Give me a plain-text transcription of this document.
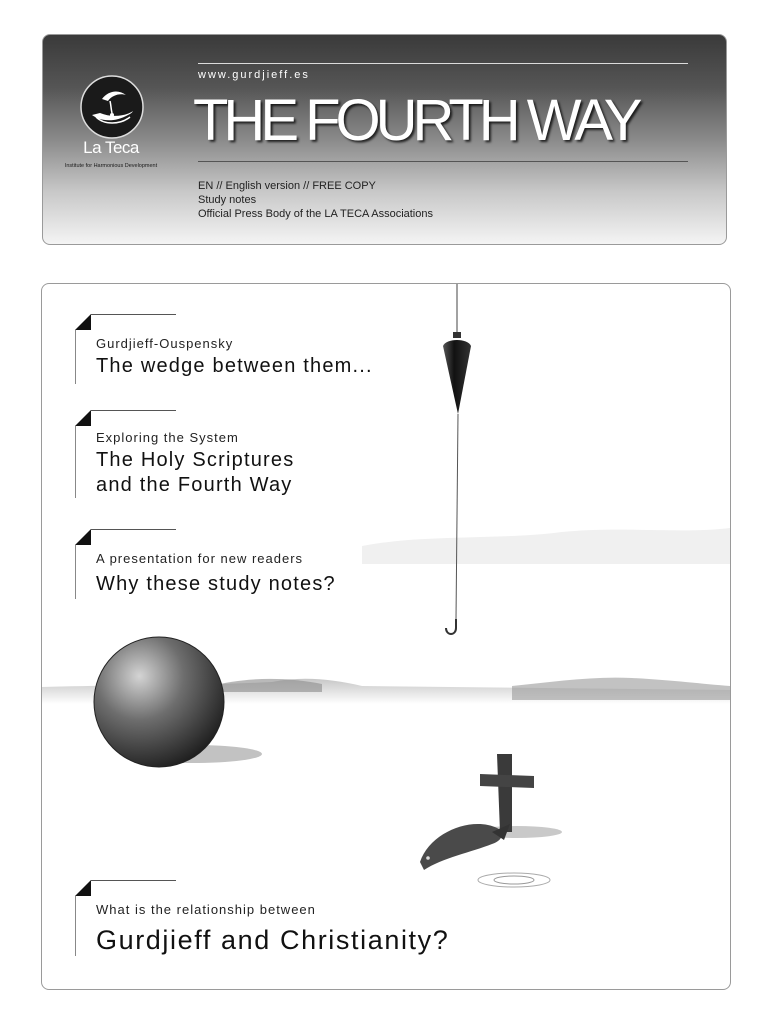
La Teca
Institute for Harmonious Development
www.gurdjieff.es
THE FOURTH WAY
EN // English version // FREE COPY
Study notes
Official Press Body of the LA TECA Associations
Gurdjieff-Ouspensky
The wedge between them...
Exploring the System
The Holy Scriptures
and the Fourth Way
A presentation for new readers
Why these study notes?
What is the relationship between
Gurdjieff and Christianity?
